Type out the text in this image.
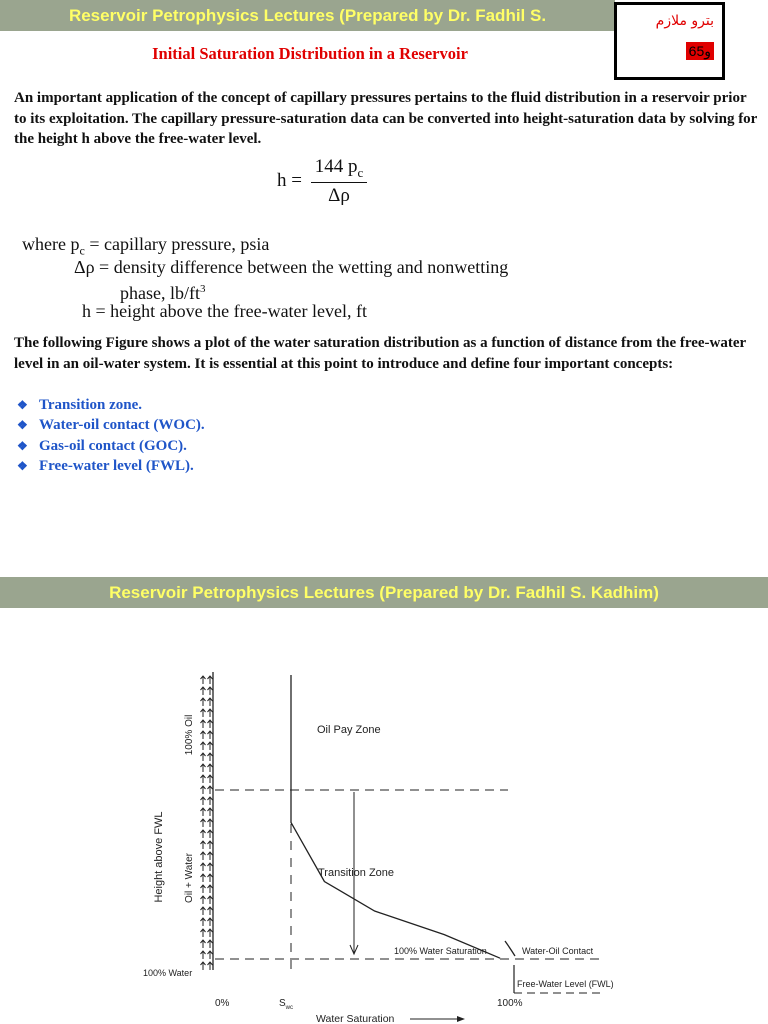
Reservoir Petrophysics Lectures (Prepared by Dr. Fadhil S.	بترو ملازم
6و5
Initial Saturation Distribution in a Reservoir

An important application of the concept of capillary pressures pertains to the fluid distribution in a reservoir prior to its exploitation. The capillary pressure-saturation data can be converted into height-saturation data by solving for the height h above the free-water level.

h =
144 $p_c$
Δρ
where $p_c$ = capillary pressure, psia
Δρ = density difference between the wetting and nonwetting
phase, $lb/ft^3$
h = height above the free-water level, ft

The following Figure shows a plot of the water saturation distribution as a function of distance from the free-water level in an oil-water system. It is essential at this point to introduce and define four important concepts:

❖ Transition zone.
❖ Water-oil contact (WOC).
❖ Gas-oil contact (GOC).
❖ Free-water level (FWL).
Reservoir Petrophysics Lectures (Prepared by Dr. Fadhil S. Kadhim)
Height above FWL
100% Oil
Oil + Water
100% Water
Oil Pay Zone
Transition Zone
100% Water Saturation	Water-Oil Contact
Free-Water Level (FWL)
0%	$S_{wc}$	100%
Water Saturation
